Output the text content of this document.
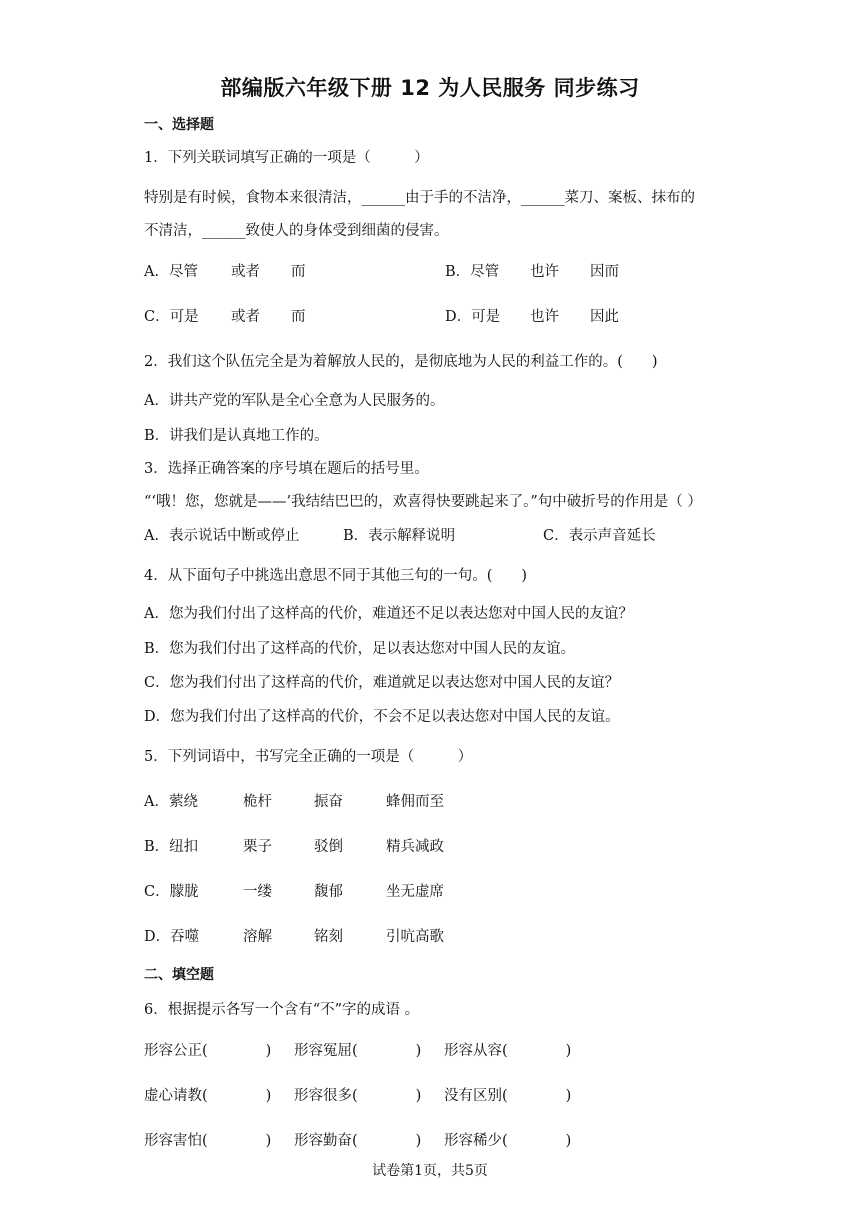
部编版六年级下册 12 为人民服务 同步练习
一、选择题
1．下列关联词填写正确的一项是（　　　）
特别是有时候，食物本来很清洁，______由于手的不洁净，______菜刀、案板、抹布的
不清洁，______致使人的身体受到细菌的侵害。
A．尽管 或者 而	B．尽管 也许 因而
C．可是 或者 而	D．可是 也许 因此
2．我们这个队伍完全是为着解放人民的，是彻底地为人民的利益工作的。(　　)
A．讲共产党的军队是全心全意为人民服务的。
B．讲我们是认真地工作的。
3．选择正确答案的序号填在题后的括号里。
“‘哦！您，您就是——’我结结巴巴的，欢喜得快要跳起来了。”句中破折号的作用是（ ）
A．表示说话中断或停止	B．表示解释说明	C．表示声音延长
4．从下面句子中挑选出意思不同于其他三句的一句。(　　)
A．您为我们付出了这样高的代价，难道还不足以表达您对中国人民的友谊？
B．您为我们付出了这样高的代价，足以表达您对中国人民的友谊。
C．您为我们付出了这样高的代价，难道就足以表达您对中国人民的友谊？
D．您为我们付出了这样高的代价，不会不足以表达您对中国人民的友谊。
5．下列词语中，书写完全正确的一项是（　　　）
A．萦绕	桅杆	振奋	蜂佣而至
B．纽扣	栗子	驳倒	精兵减政
C．朦胧	一缕	馥郁	坐无虚席
D．吞噬	溶解	铭刻	引吭高歌
二、填空题
6．根据提示各写一个含有“不”字的成语 。
形容公正(　　　　) 形容冤屈(　　　　) 形容从容(　　　　)
虚心请教(　　　　) 形容很多(　　　　) 没有区别(　　　　)
形容害怕(　　　　) 形容勤奋(　　　　) 形容稀少(　　　　)
试卷第1页，共5页
